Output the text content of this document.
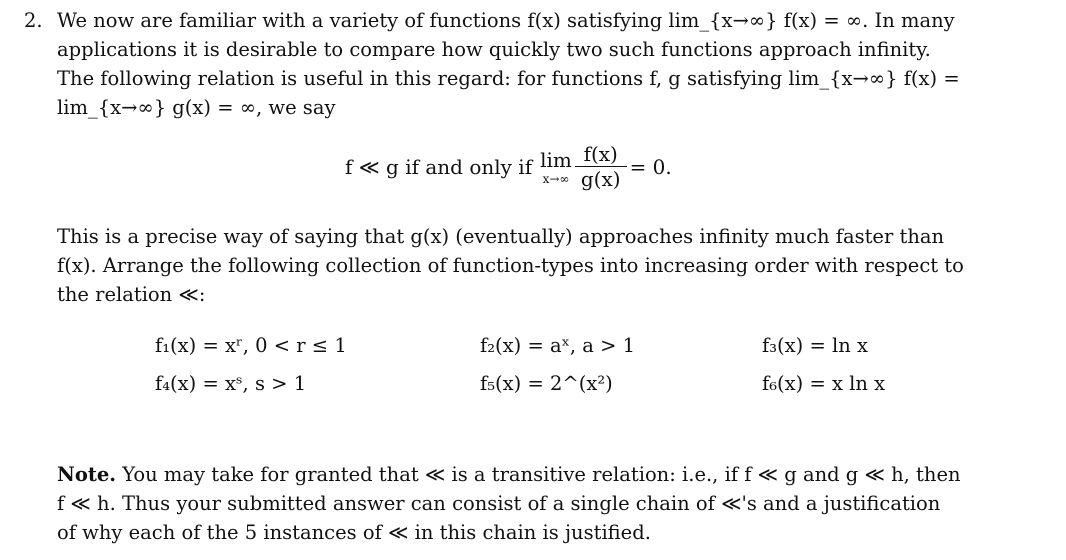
2. We now are familiar with a variety of functions f(x) satisfying lim_{x→∞} f(x) = ∞. In many
applications it is desirable to compare how quickly two such functions approach infinity.
The following relation is useful in this regard: for functions f, g satisfying lim_{x→∞} f(x) =
lim_{x→∞} g(x) = ∞, we say
f ≪ g if and only if lim
$x\to\infty \frac{f(x)}{g(x)} = 0$.
This is a precise way of saying that g(x) (eventually) approaches infinity much faster than
f(x). Arrange the following collection of function-types into increasing order with respect to
the relation ≪:
f₁(x) = xʳ, 0 < r ≤ 1	f₂(x) = aˣ, a > 1	f₃(x) = ln x
f₄(x) = xˢ, s > 1	f₅(x) = 2^(x²)	f₆(x) = x ln x
Note. You may take for granted that ≪ is a transitive relation: i.e., if f ≪ g and g ≪ h, then
f ≪ h. Thus your submitted answer can consist of a single chain of ≪'s and a justification
of why each of the 5 instances of ≪ in this chain is justified.
